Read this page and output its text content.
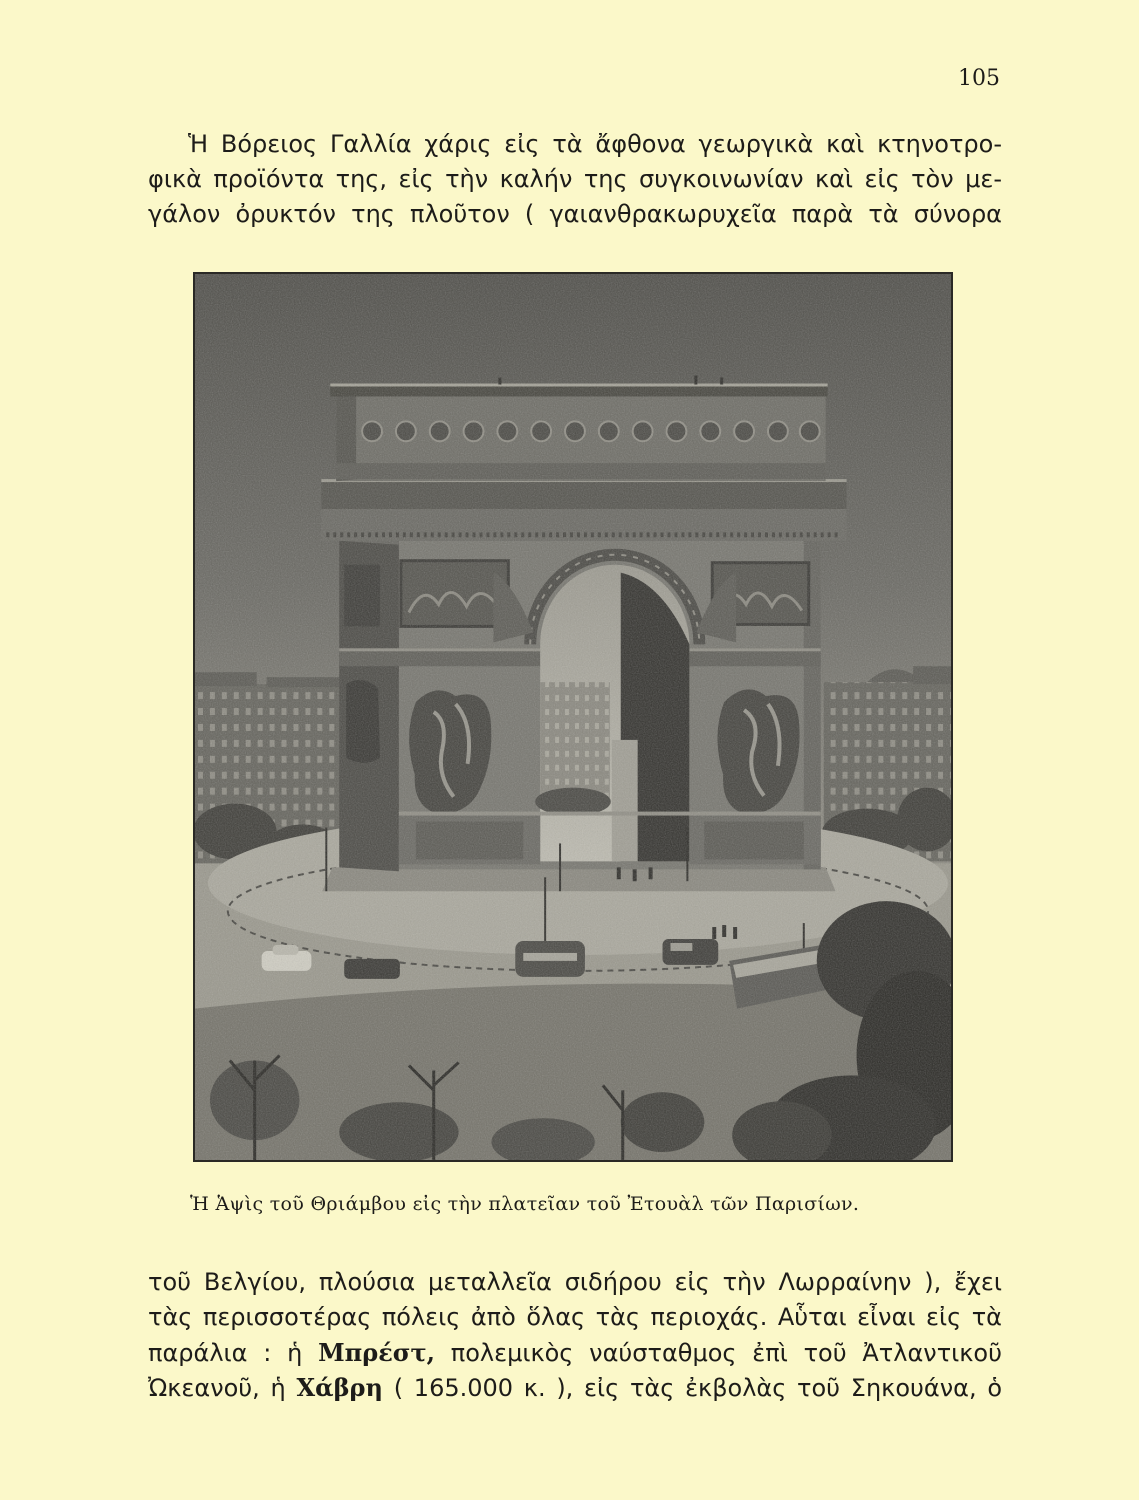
105
Ἡ Βόρειος Γαλλία χάρις εἰς τὰ ἄφθονα γεωργικὰ καὶ κτηνοτρο-
φικὰ προϊόντα της, εἰς τὴν καλήν της συγκοινωνίαν καὶ εἰς τὸν με-
γάλον ὀρυκτόν της πλοῦτον ( γαιανθρακωρυχεῖα παρὰ τὰ σύνορα
Ἡ Ἁψὶς τοῦ Θριάμβου εἰς τὴν πλατεῖαν τοῦ Ἐτουὰλ τῶν Παρισίων.
τοῦ Βελγίου, πλούσια μεταλλεῖα σιδήρου εἰς τὴν Λωρραίνην ), ἔχει
τὰς περισσοτέρας πόλεις ἀπὸ ὅλας τὰς περιοχάς. Αὗται εἶναι εἰς τὰ
παράλια : ἡ Μπρέστ, πολεμικὸς ναύσταθμος ἐπὶ τοῦ Ἀτλαντικοῦ
Ὠκεανοῦ, ἡ Χάβρη ( 165.000 κ. ), εἰς τὰς ἐκβολὰς τοῦ Σηκουάνα, ὁ
